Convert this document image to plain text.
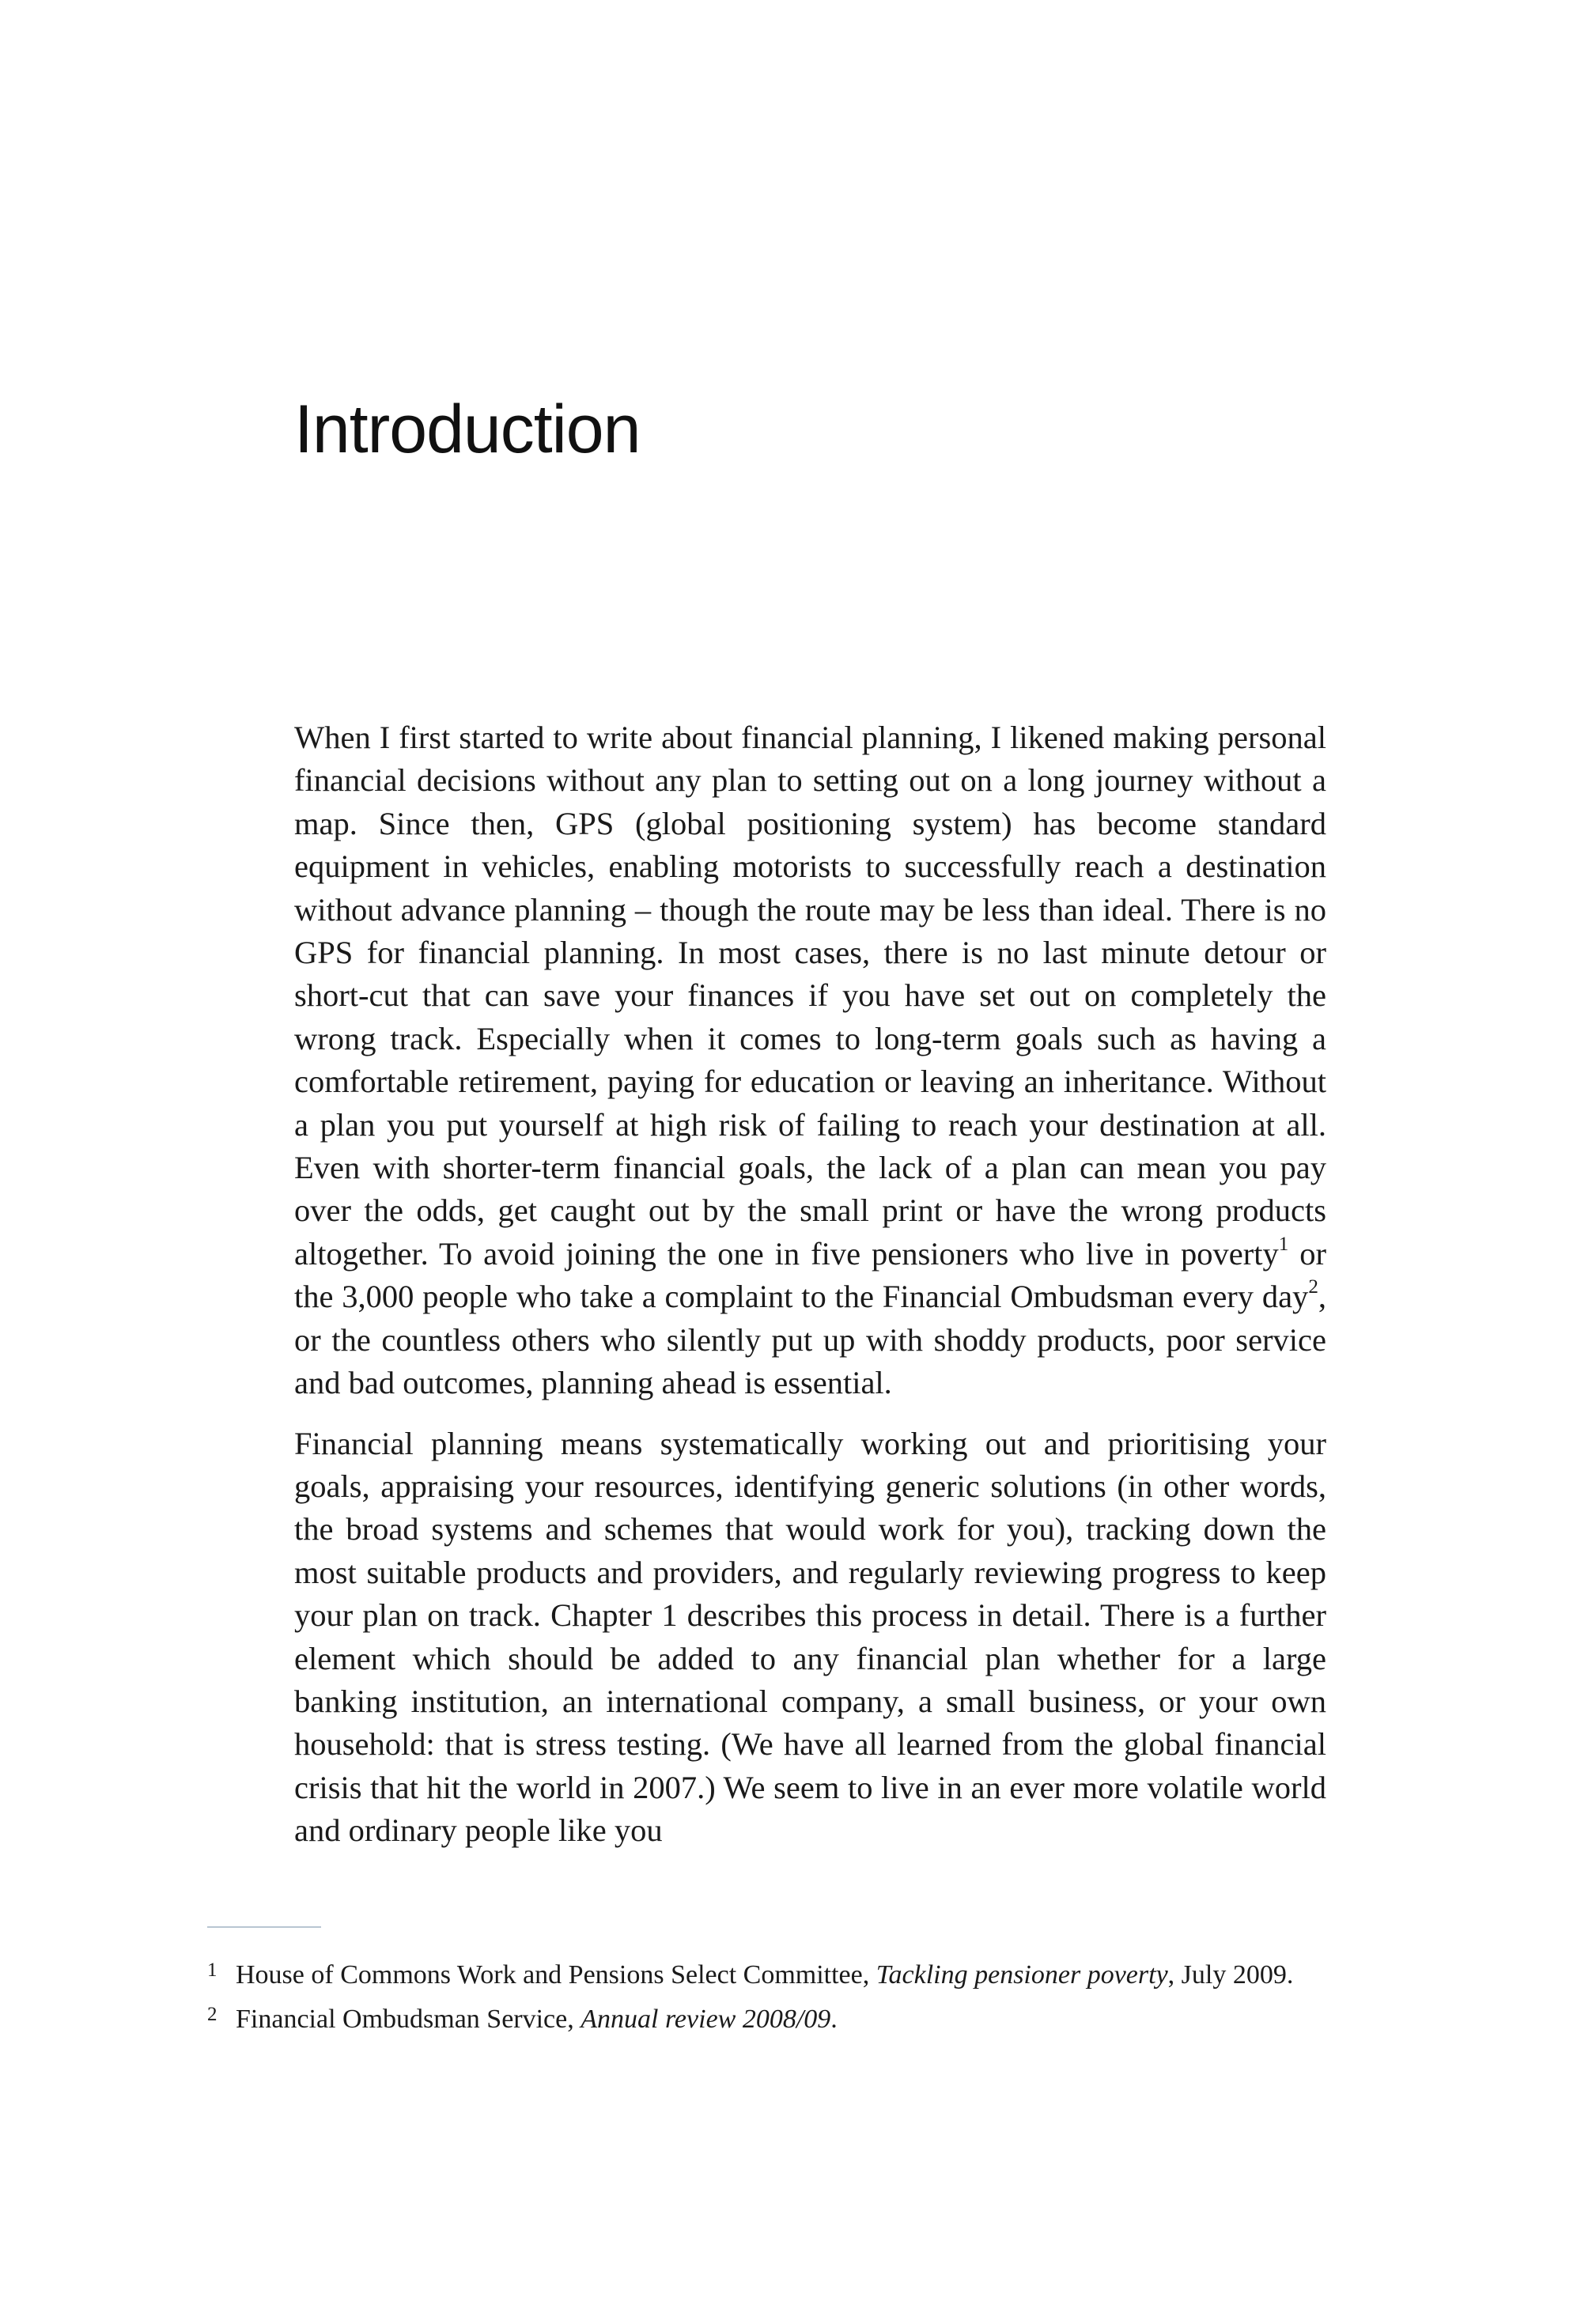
Introduction

When I first started to write about financial planning, I likened making personal financial decisions without any plan to setting out on a long journey without a map. Since then, GPS (global positioning system) has become standard equipment in vehicles, enabling motorists to successfully reach a destination without advance planning – though the route may be less than ideal. There is no GPS for financial planning. In most cases, there is no last minute detour or short-cut that can save your finances if you have set out on completely the wrong track. Especially when it comes to long-term goals such as having a comfortable retirement, paying for education or leaving an inheritance. Without a plan you put yourself at high risk of failing to reach your destination at all. Even with shorter-term financial goals, the lack of a plan can mean you pay over the odds, get caught out by the small print or have the wrong products altogether. To avoid joining the one in five pensioners who live in poverty$^1$ or the 3,000 people who take a complaint to the Financial Ombudsman every day$^2$, or the countless others who silently put up with shoddy products, poor service and bad outcomes, planning ahead is essential.

Financial planning means systematically working out and prioritising your goals, appraising your resources, identifying generic solutions (in other words, the broad systems and schemes that would work for you), tracking down the most suitable products and providers, and regularly reviewing progress to keep your plan on track. Chapter 1 describes this process in detail. There is a further element which should be added to any financial plan whether for a large banking institution, an international company, a small business, or your own household: that is stress testing. (We have all learned from the global financial crisis that hit the world in 2007.) We seem to live in an ever more volatile world and ordinary people like you

1 House of Commons Work and Pensions Select Committee, Tackling pensioner poverty, July 2009.
2 Financial Ombudsman Service, Annual review 2008/09.
